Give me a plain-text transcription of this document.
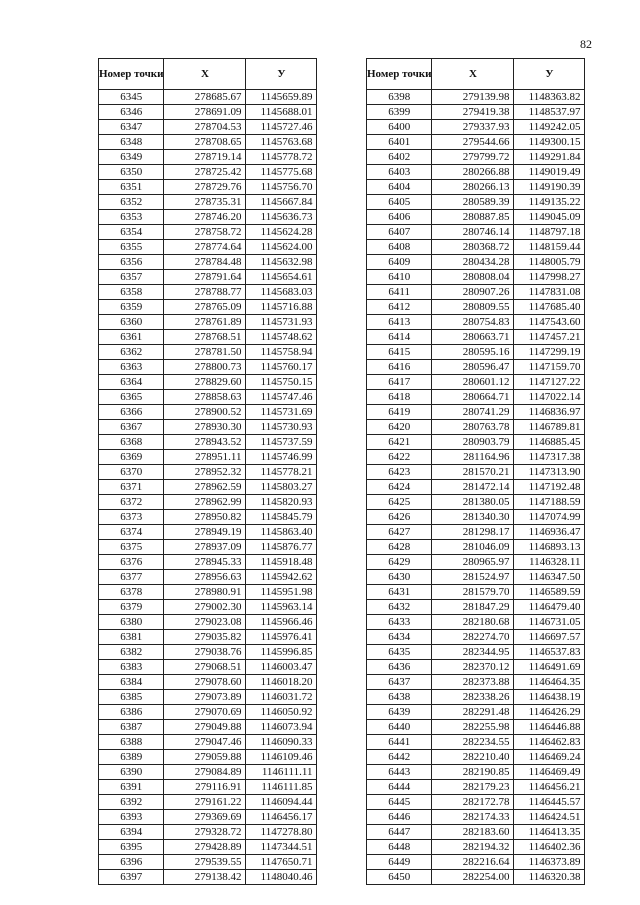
82
Номер точки	X	У
6345	278685.67	1145659.89
6346	278691.09	1145688.01
6347	278704.53	1145727.46
6348	278708.65	1145763.68
6349	278719.14	1145778.72
6350	278725.42	1145775.68
6351	278729.76	1145756.70
6352	278735.31	1145667.84
6353	278746.20	1145636.73
6354	278758.72	1145624.28
6355	278774.64	1145624.00
6356	278784.48	1145632.98
6357	278791.64	1145654.61
6358	278788.77	1145683.03
6359	278765.09	1145716.88
6360	278761.89	1145731.93
6361	278768.51	1145748.62
6362	278781.50	1145758.94
6363	278800.73	1145760.17
6364	278829.60	1145750.15
6365	278858.63	1145747.46
6366	278900.52	1145731.69
6367	278930.30	1145730.93
6368	278943.52	1145737.59
6369	278951.11	1145746.99
6370	278952.32	1145778.21
6371	278962.59	1145803.27
6372	278962.99	1145820.93
6373	278950.82	1145845.79
6374	278949.19	1145863.40
6375	278937.09	1145876.77
6376	278945.33	1145918.48
6377	278956.63	1145942.62
6378	278980.91	1145951.98
6379	279002.30	1145963.14
6380	279023.08	1145966.46
6381	279035.82	1145976.41
6382	279038.76	1145996.85
6383	279068.51	1146003.47
6384	279078.60	1146018.20
6385	279073.89	1146031.72
6386	279070.69	1146050.92
6387	279049.88	1146073.94
6388	279047.46	1146090.33
6389	279059.88	1146109.46
6390	279084.89	1146111.11
6391	279116.91	1146111.85
6392	279161.22	1146094.44
6393	279369.69	1146456.17
6394	279328.72	1147278.80
6395	279428.89	1147344.51
6396	279539.55	1147650.71
6397	279138.42	1148040.46
Номер точки	X	У
6398	279139.98	1148363.82
6399	279419.38	1148537.97
6400	279337.93	1149242.05
6401	279544.66	1149300.15
6402	279799.72	1149291.84
6403	280266.88	1149019.49
6404	280266.13	1149190.39
6405	280589.39	1149135.22
6406	280887.85	1149045.09
6407	280746.14	1148797.18
6408	280368.72	1148159.44
6409	280434.28	1148005.79
6410	280808.04	1147998.27
6411	280907.26	1147831.08
6412	280809.55	1147685.40
6413	280754.83	1147543.60
6414	280663.71	1147457.21
6415	280595.16	1147299.19
6416	280596.47	1147159.70
6417	280601.12	1147127.22
6418	280664.71	1147022.14
6419	280741.29	1146836.97
6420	280763.78	1146789.81
6421	280903.79	1146885.45
6422	281164.96	1147317.38
6423	281570.21	1147313.90
6424	281472.14	1147192.48
6425	281380.05	1147188.59
6426	281340.30	1147074.99
6427	281298.17	1146936.47
6428	281046.09	1146893.13
6429	280965.97	1146328.11
6430	281524.97	1146347.50
6431	281579.70	1146589.59
6432	281847.29	1146479.40
6433	282180.68	1146731.05
6434	282274.70	1146697.57
6435	282344.95	1146537.83
6436	282370.12	1146491.69
6437	282373.88	1146464.35
6438	282338.26	1146438.19
6439	282291.48	1146426.29
6440	282255.98	1146446.88
6441	282234.55	1146462.83
6442	282210.40	1146469.24
6443	282190.85	1146469.49
6444	282179.23	1146456.21
6445	282172.78	1146445.57
6446	282174.33	1146424.51
6447	282183.60	1146413.35
6448	282194.32	1146402.36
6449	282216.64	1146373.89
6450	282254.00	1146320.38
